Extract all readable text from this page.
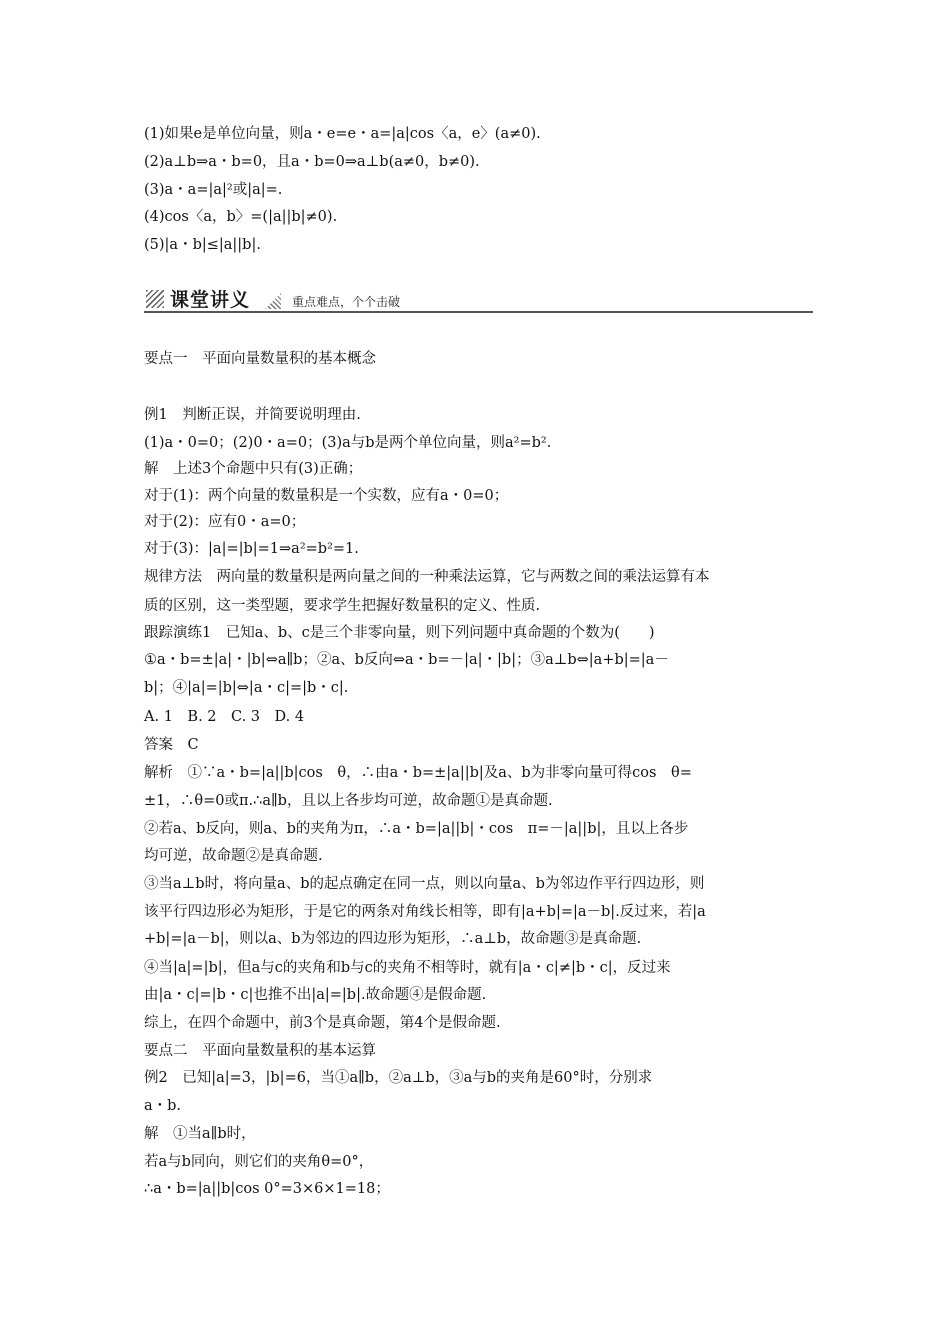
(1)如果e是单位向量，则a・e=e・a=|a|cos〈a，e〉(a≠0).
(2)a⊥b⇒a・b=0，且a・b=0⇒a⊥b(a≠0，b≠0).
(3)a・a=|a|²或|a|=.
(4)cos〈a，b〉=(|a||b|≠0).
(5)|a・b|≤|a||b|.
课堂讲义	重点难点，个个击破
要点一　平面向量数量积的基本概念
例1　判断正误，并简要说明理由.
(1)a・0=0；(2)0・a=0；(3)a与b是两个单位向量，则a²=b².
解　上述3个命题中只有(3)正确；
对于(1)：两个向量的数量积是一个实数，应有a・0=0；
对于(2)：应有0・a=0；
对于(3)：|a|=|b|=1⇒a²=b²=1.
规律方法　两向量的数量积是两向量之间的一种乘法运算，它与两数之间的乘法运算有本
质的区别，这一类型题，要求学生把握好数量积的定义、性质.
跟踪演练1　已知a、b、c是三个非零向量，则下列问题中真命题的个数为(　　)
①a・b=±|a|・|b|⇔a∥b；②a、b反向⇔a・b=－|a|・|b|；③a⊥b⇔|a+b|=|a－
b|；④|a|=|b|⇔|a・c|=|b・c|.
A. 1　B. 2　C. 3　D. 4
答案　C
解析　①∵a・b=|a||b|cos　θ，∴由a・b=±|a||b|及a、b为非零向量可得cos　θ=
±1，∴θ=0或π.∴a∥b，且以上各步均可逆，故命题①是真命题.
②若a、b反向，则a、b的夹角为π，∴a・b=|a||b|・cos　π=－|a||b|，且以上各步
均可逆，故命题②是真命题.
③当a⊥b时，将向量a、b的起点确定在同一点，则以向量a、b为邻边作平行四边形，则
该平行四边形必为矩形，于是它的两条对角线长相等，即有|a+b|=|a－b|.反过来，若|a
+b|=|a－b|，则以a、b为邻边的四边形为矩形，∴a⊥b，故命题③是真命题.
④当|a|=|b|，但a与c的夹角和b与c的夹角不相等时，就有|a・c|≠|b・c|，反过来
由|a・c|=|b・c|也推不出|a|=|b|.故命题④是假命题.
综上，在四个命题中，前3个是真命题，第4个是假命题.
要点二　平面向量数量积的基本运算
例2　已知|a|=3，|b|=6，当①a∥b，②a⊥b，③a与b的夹角是60°时，分别求
a・b.
解　①当a∥b时，
若a与b同向，则它们的夹角θ=0°，
∴a・b=|a||b|cos 0°=3×6×1=18；
